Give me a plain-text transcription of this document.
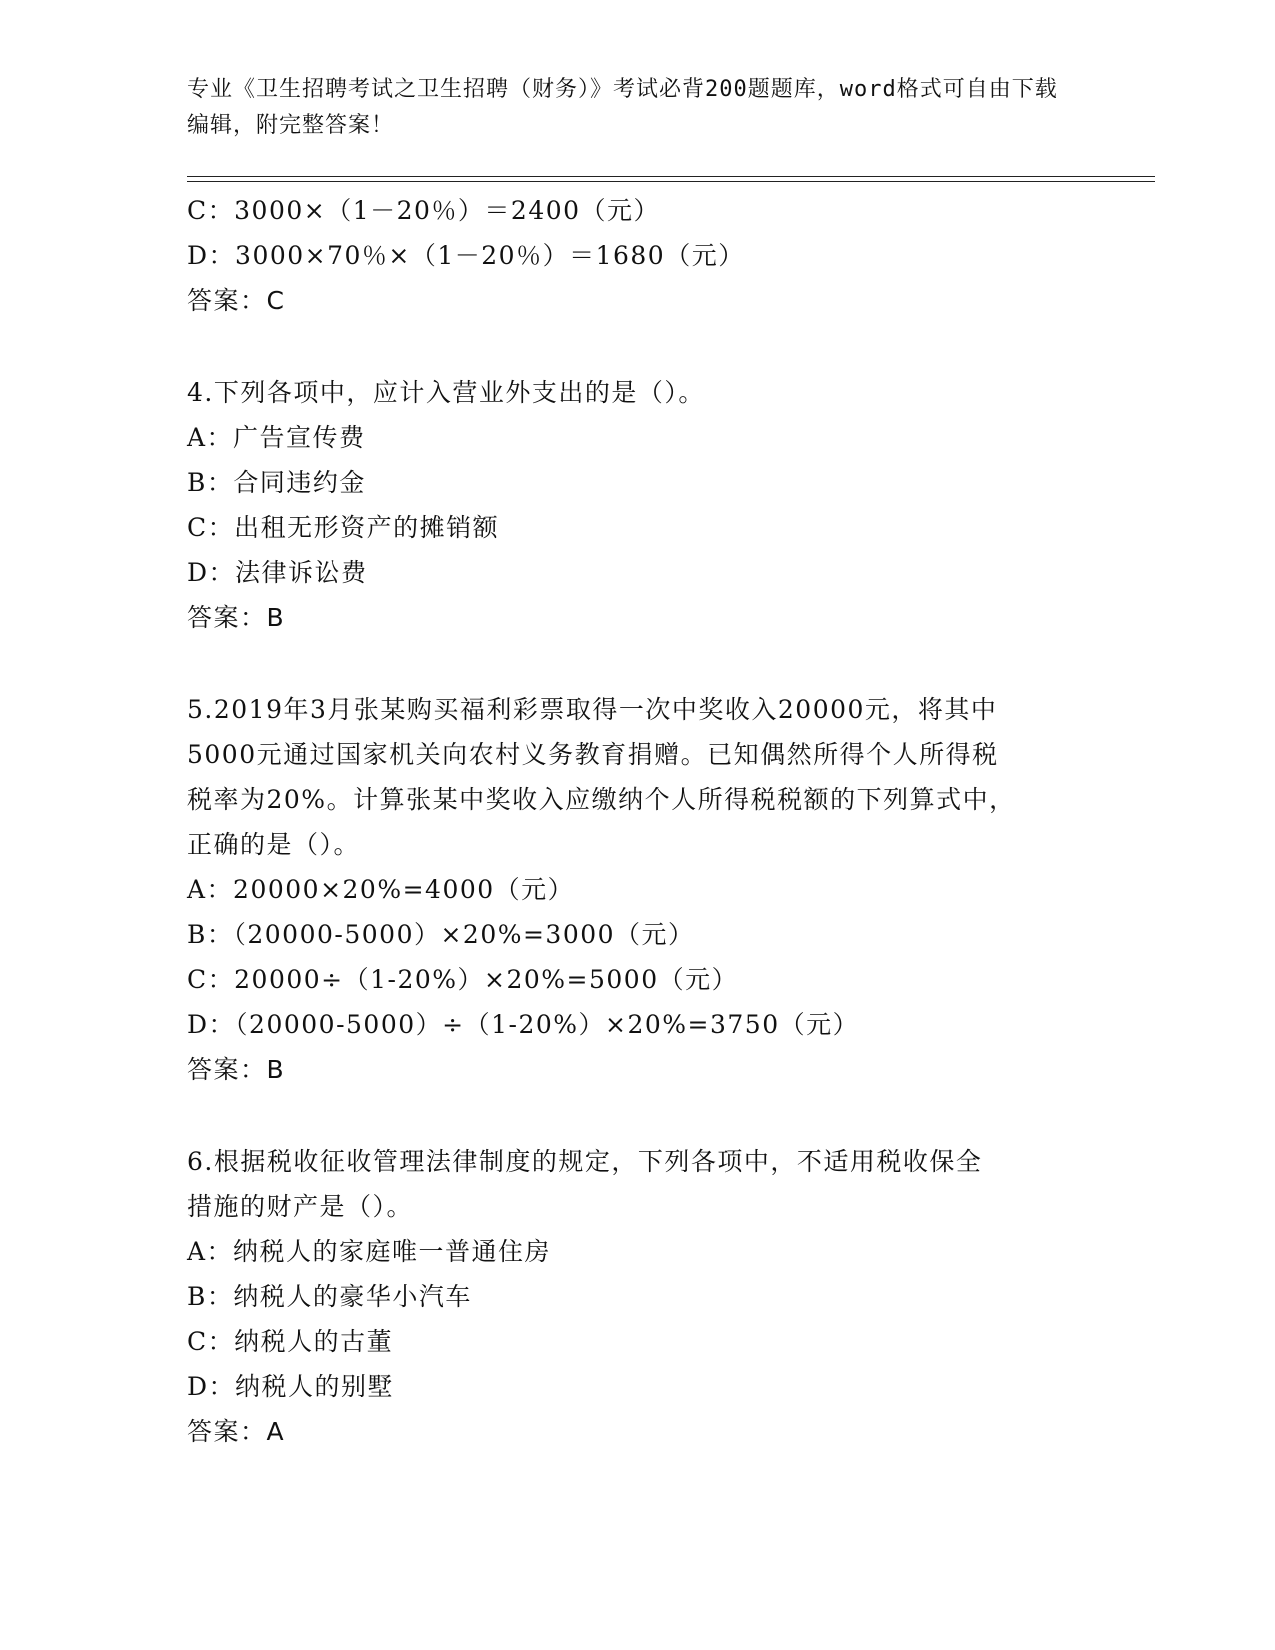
专业《卫生招聘考试之卫生招聘（财务）》考试必背200题题库，word格式可自由下载编辑，附完整答案！
C：3000×（1－20％）＝2400（元）
D：3000×70％×（1－20％）＝1680（元）
答案：C
4.下列各项中，应计入营业外支出的是（）。
A：广告宣传费
B：合同违约金
C：出租无形资产的摊销额
D：法律诉讼费
答案：B
5.2019年3月张某购买福利彩票取得一次中奖收入20000元，将其中
5000元通过国家机关向农村义务教育捐赠。已知偶然所得个人所得税
税率为20%。计算张某中奖收入应缴纳个人所得税税额的下列算式中，
正确的是（）。
A：20000×20%=4000（元）
B：（20000-5000）×20%=3000（元）
C：20000÷（1-20%）×20%=5000（元）
D：（20000-5000）÷（1-20%）×20%=3750（元）
答案：B
6.根据税收征收管理法律制度的规定，下列各项中，不适用税收保全
措施的财产是（）。
A：纳税人的家庭唯一普通住房
B：纳税人的豪华小汽车
C：纳税人的古董
D：纳税人的别墅
答案：A
